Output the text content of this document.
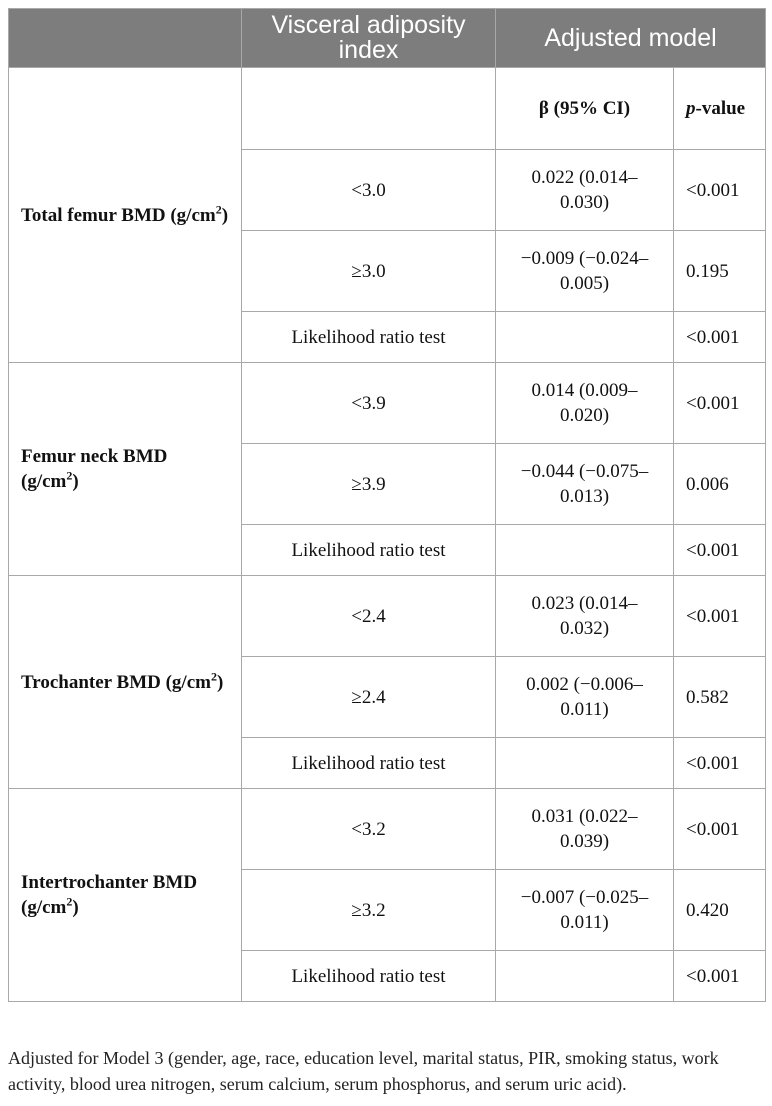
	Visceral adiposity index	Adjusted model	
Total femur BMD $(g/cm^2)$		β (95% CI)	p-value
	<3.0	0.022 (0.014–0.030)	<0.001
	≥3.0	−0.009 (−0.024–0.005)	0.195
	Likelihood ratio test		<0.001
Femur neck BMD $(g/cm^2)$	<3.9	0.014 (0.009–0.020)	<0.001
	≥3.9	−0.044 (−0.075–0.013)	0.006
	Likelihood ratio test		<0.001
Trochanter BMD $(g/cm^2)$	<2.4	0.023 (0.014–0.032)	<0.001
	≥2.4	0.002 (−0.006–0.011)	0.582
	Likelihood ratio test		<0.001
Intertrochanter BMD $(g/cm^2)$	<3.2	0.031 (0.022–0.039)	<0.001
	≥3.2	−0.007 (−0.025–0.011)	0.420
	Likelihood ratio test		<0.001
Adjusted for Model 3 (gender, age, race, education level, marital status, PIR, smoking status, work activity, blood urea nitrogen, serum calcium, serum phosphorus, and serum uric acid).
